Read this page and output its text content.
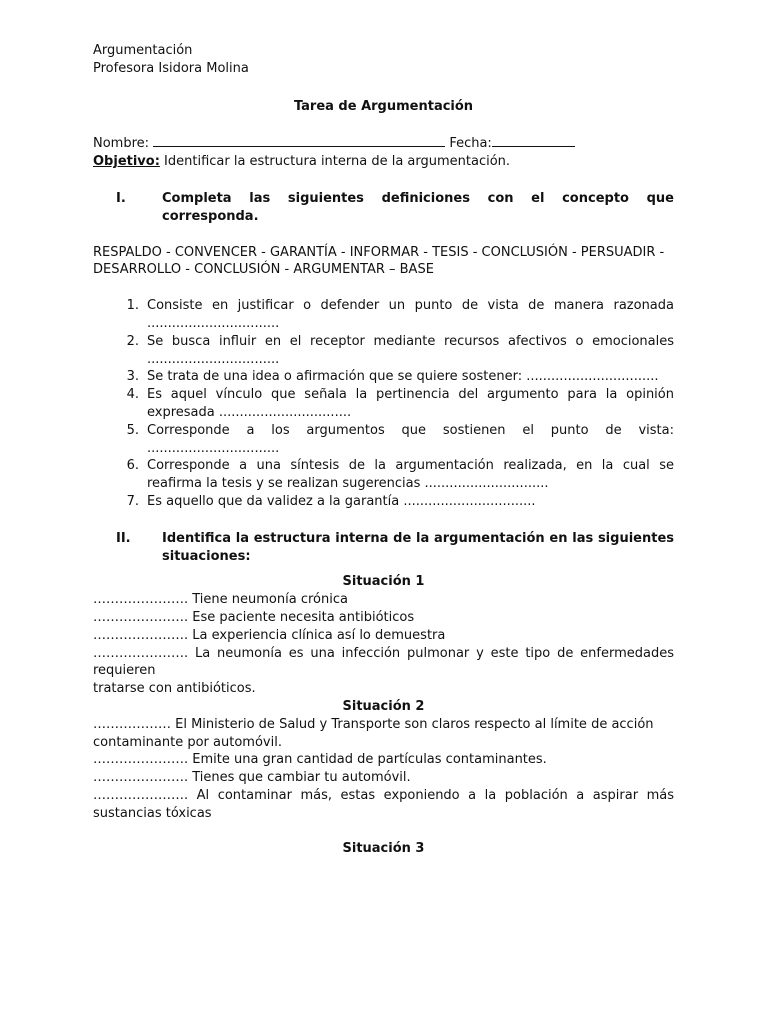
Argumentación
Profesora Isidora Molina
Tarea de Argumentación
Nombre:	Fecha:
Objetivo: Identificar la estructura interna de la argumentación.
I.	Completa las siguientes definiciones con el concepto que corresponda.
RESPALDO - CONVENCER - GARANTÍA - INFORMAR - TESIS - CONCLUSIÓN - PERSUADIR - DESARROLLO - CONCLUSIÓN - ARGUMENTAR – BASE
1. Consiste en justificar o defender un punto de vista de manera razonada ................................
2. Se busca influir en el receptor mediante recursos afectivos o emocionales ................................
3. Se trata de una idea o afirmación que se quiere sostener: ................................
4. Es aquel vínculo que señala la pertinencia del argumento para la opinión expresada ................................
5. Corresponde a los argumentos que sostienen el punto de vista: ................................
6. Corresponde a una síntesis de la argumentación realizada, en la cual se reafirma la tesis y se realizan sugerencias ..............................
7. Es aquello que da validez a la garantía ................................
II.	Identifica la estructura interna de la argumentación en las siguientes situaciones:
Situación 1
…………………. Tiene neumonía crónica
…………………. Ese paciente necesita antibióticos
…………………. La experiencia clínica así lo demuestra
…………………. La neumonía es una infección pulmonar y este tipo de enfermedades requieren
tratarse con antibióticos.
Situación 2
……………… El Ministerio de Salud y Transporte son claros respecto al límite de acción
contaminante por automóvil.
…………………. Emite una gran cantidad de partículas contaminantes.
…………………. Tienes que cambiar tu automóvil.
…………………. Al contaminar más, estas exponiendo a la población a aspirar más sustancias tóxicas
Situación 3
